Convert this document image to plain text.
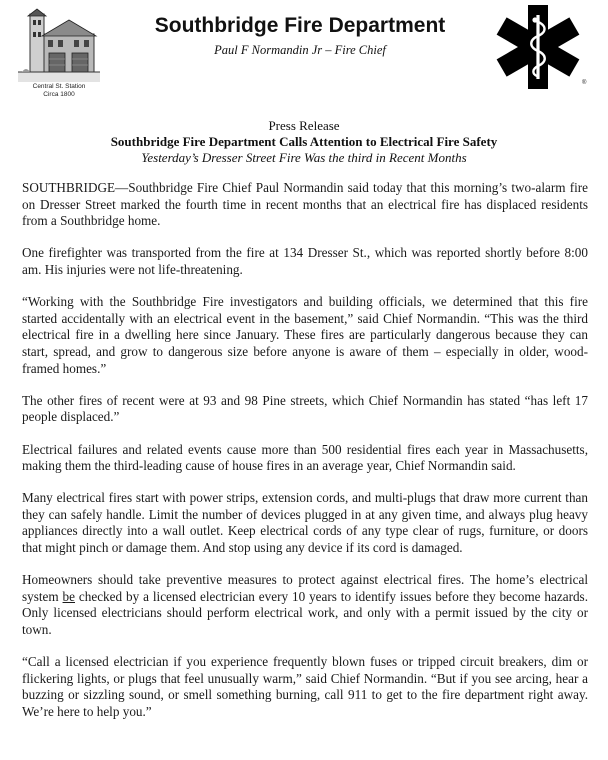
Central St. Station
Circa 1800
Southbridge Fire Department
Paul F Normandin Jr – Fire Chief
®
Press Release
Southbridge Fire Department Calls Attention to Electrical Fire Safety
Yesterday’s Dresser Street Fire Was the third in Recent Months

SOUTHBRIDGE—Southbridge Fire Chief Paul Normandin said today that this morning’s two-alarm fire on Dresser Street marked the fourth time in recent months that an electrical fire has displaced residents from a Southbridge home.

One firefighter was transported from the fire at 134 Dresser St., which was reported shortly before 8:00 am. His injuries were not life-threatening.

“Working with the Southbridge Fire investigators and building officials, we determined that this fire started accidentally with an electrical event in the basement,” said Chief Normandin. “This was the third electrical fire in a dwelling here since January. These fires are particularly dangerous because they can start, spread, and grow to dangerous size before anyone is aware of them – especially in older, wood-framed homes.”

The other fires of recent were at 93 and 98 Pine streets, which Chief Normandin has stated “has left 17 people displaced.”

Electrical failures and related events cause more than 500 residential fires each year in Massachusetts, making them the third-leading cause of house fires in an average year, Chief Normandin said.

Many electrical fires start with power strips, extension cords, and multi-plugs that draw more current than they can safely handle. Limit the number of devices plugged in at any given time, and always plug heavy appliances directly into a wall outlet. Keep electrical cords of any type clear of rugs, furniture, or doors that might pinch or damage them. And stop using any device if its cord is damaged.

Homeowners should take preventive measures to protect against electrical fires. The home’s electrical system be checked by a licensed electrician every 10 years to identify issues before they become hazards. Only licensed electricians should perform electrical work, and only with a permit issued by the city or town.

“Call a licensed electrician if you experience frequently blown fuses or tripped circuit breakers, dim or flickering lights, or plugs that feel unusually warm,” said Chief Normandin. “But if you see arcing, hear a buzzing or sizzling sound, or smell something burning, call 911 to get to the fire department right away. We’re here to help you.”
